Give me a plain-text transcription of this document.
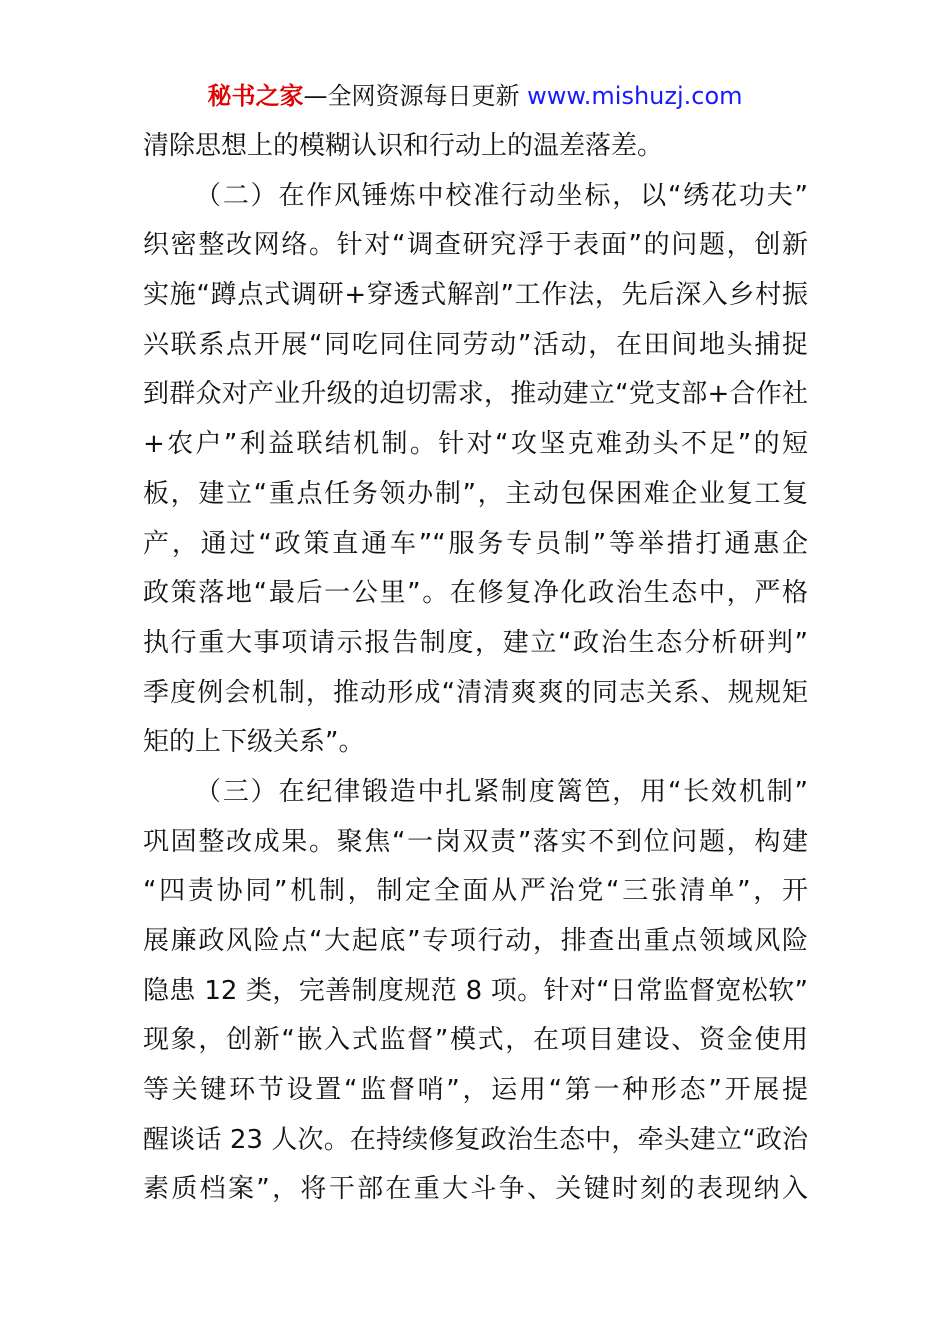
秘书之家—全网资源每日更新 www.mishuzj.com
清除思想上的模糊认识和行动上的温差落差。
（二）在作风锤炼中校准行动坐标，以“绣花功夫”
织密整改网络。针对“调查研究浮于表面”的问题，创新
实施“蹲点式调研+穿透式解剖”工作法，先后深入乡村振
兴联系点开展“同吃同住同劳动”活动，在田间地头捕捉
到群众对产业升级的迫切需求，推动建立“党支部+合作社
+农户”利益联结机制。针对“攻坚克难劲头不足”的短
板，建立“重点任务领办制”，主动包保困难企业复工复
产，通过“政策直通车”“服务专员制”等举措打通惠企
政策落地“最后一公里”。在修复净化政治生态中，严格
执行重大事项请示报告制度，建立“政治生态分析研判”
季度例会机制，推动形成“清清爽爽的同志关系、规规矩
矩的上下级关系”。
（三）在纪律锻造中扎紧制度篱笆，用“长效机制”
巩固整改成果。聚焦“一岗双责”落实不到位问题，构建
“四责协同”机制，制定全面从严治党“三张清单”，开
展廉政风险点“大起底”专项行动，排查出重点领域风险
隐患 12 类，完善制度规范 8 项。针对“日常监督宽松软”
现象，创新“嵌入式监督”模式，在项目建设、资金使用
等关键环节设置“监督哨”，运用“第一种形态”开展提
醒谈话 23 人次。在持续修复政治生态中，牵头建立“政治
素质档案”，将干部在重大斗争、关键时刻的表现纳入
